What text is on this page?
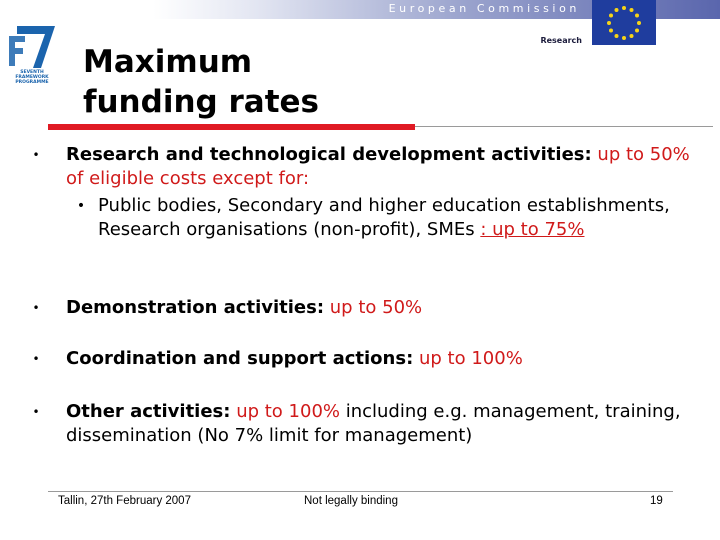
European Commission
Research
SEVENTH FRAMEWORK PROGRAMME
Maximum
funding rates
• Research and technological development activities: up to 50% of eligible costs except for:
• Public bodies, Secondary and higher education establishments, Research organisations (non-profit), SMEs : up to 75%
• Demonstration activities: up to 50%
• Coordination and support actions: up to 100%
• Other activities: up to 100% including e.g. management, training, dissemination (No 7% limit for management)
Tallin, 27th February 2007	Not legally binding	19
